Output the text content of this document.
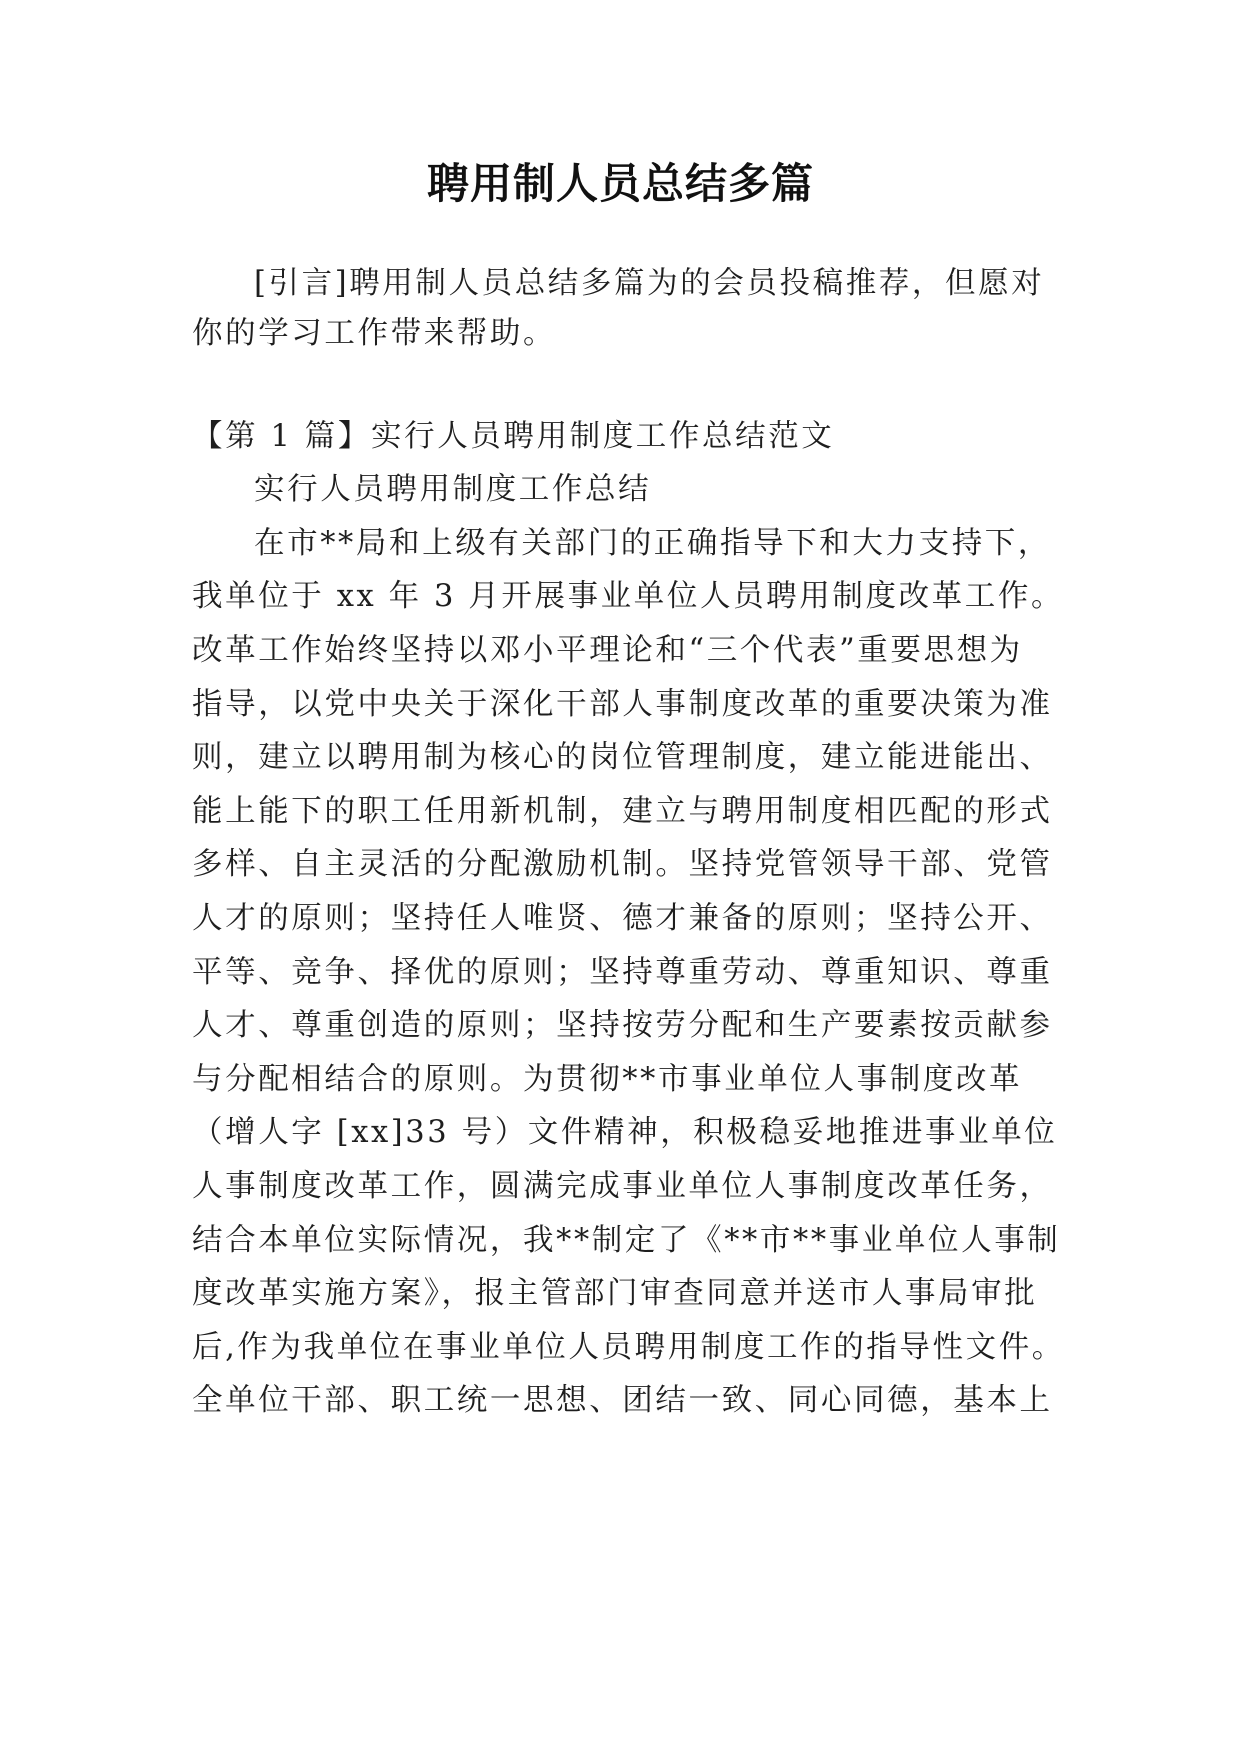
聘用制人员总结多篇
[引言]聘用制人员总结多篇为的会员投稿推荐，但愿对
你的学习工作带来帮助。
【第 1 篇】实行人员聘用制度工作总结范文
实行人员聘用制度工作总结
在市**局和上级有关部门的正确指导下和大力支持下，
我单位于 xx 年 3 月开展事业单位人员聘用制度改革工作。
改革工作始终坚持以邓小平理论和“三个代表”重要思想为
指导，以党中央关于深化干部人事制度改革的重要决策为准
则，建立以聘用制为核心的岗位管理制度，建立能进能出、
能上能下的职工任用新机制，建立与聘用制度相匹配的形式
多样、自主灵活的分配激励机制。坚持党管领导干部、党管
人才的原则；坚持任人唯贤、德才兼备的原则；坚持公开、
平等、竞争、择优的原则；坚持尊重劳动、尊重知识、尊重
人才、尊重创造的原则；坚持按劳分配和生产要素按贡献参
与分配相结合的原则。为贯彻**市事业单位人事制度改革
（增人字 [xx]33 号）文件精神，积极稳妥地推进事业单位
人事制度改革工作，圆满完成事业单位人事制度改革任务，
结合本单位实际情况，我**制定了《**市**事业单位人事制
度改革实施方案》，报主管部门审查同意并送市人事局审批
后,作为我单位在事业单位人员聘用制度工作的指导性文件。
全单位干部、职工统一思想、团结一致、同心同德，基本上
